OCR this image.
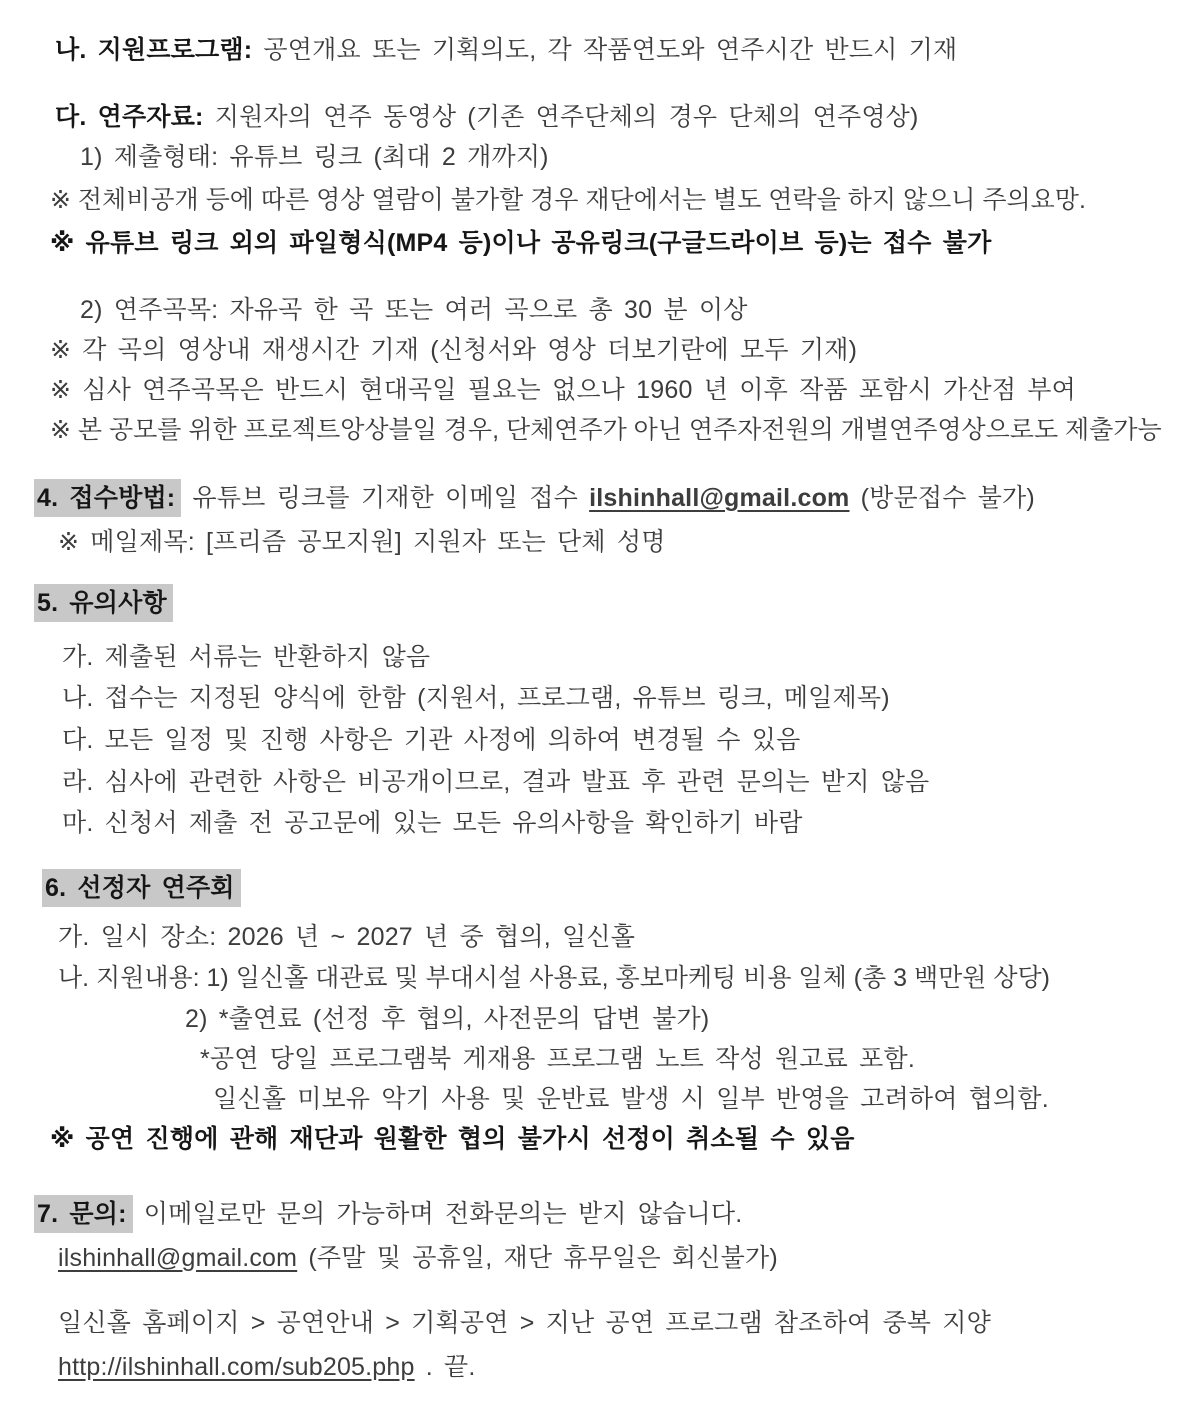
나. 지원프로그램: 공연개요 또는 기획의도, 각 작품연도와 연주시간 반드시 기재
다. 연주자료: 지원자의 연주 동영상 (기존 연주단체의 경우 단체의 연주영상)
1) 제출형태: 유튜브 링크 (최대 2 개까지)
※ 전체비공개 등에 따른 영상 열람이 불가할 경우 재단에서는 별도 연락을 하지 않으니 주의요망.
※ 유튜브 링크 외의 파일형식(MP4 등)이나 공유링크(구글드라이브 등)는 접수 불가
2) 연주곡목: 자유곡 한 곡 또는 여러 곡으로 총 30 분 이상
※ 각 곡의 영상내 재생시간 기재 (신청서와 영상 더보기란에 모두 기재)
※ 심사 연주곡목은 반드시 현대곡일 필요는 없으나 1960 년 이후 작품 포함시 가산점 부여
※ 본 공모를 위한 프로젝트앙상블일 경우, 단체연주가 아닌 연주자전원의 개별연주영상으로도 제출가능
4. 접수방법: 유튜브 링크를 기재한 이메일 접수 ilshinhall@gmail.com (방문접수 불가)
※ 메일제목: [프리즘 공모지원] 지원자 또는 단체 성명
5. 유의사항
가. 제출된 서류는 반환하지 않음
나. 접수는 지정된 양식에 한함 (지원서, 프로그램, 유튜브 링크, 메일제목)
다. 모든 일정 및 진행 사항은 기관 사정에 의하여 변경될 수 있음
라. 심사에 관련한 사항은 비공개이므로, 결과 발표 후 관련 문의는 받지 않음
마. 신청서 제출 전 공고문에 있는 모든 유의사항을 확인하기 바람
6. 선정자 연주회
가. 일시 장소: 2026 년 ~ 2027 년 중 협의, 일신홀
나. 지원내용: 1) 일신홀 대관료 및 부대시설 사용료, 홍보마케팅 비용 일체 (총 3 백만원 상당)
2) *출연료 (선정 후 협의, 사전문의 답변 불가)
*공연 당일 프로그램북 게재용 프로그램 노트 작성 원고료 포함.
일신홀 미보유 악기 사용 및 운반료 발생 시 일부 반영을 고려하여 협의함.
※ 공연 진행에 관해 재단과 원활한 협의 불가시 선정이 취소될 수 있음
7. 문의: 이메일로만 문의 가능하며 전화문의는 받지 않습니다.
ilshinhall@gmail.com (주말 및 공휴일, 재단 휴무일은 회신불가)
일신홀 홈페이지 > 공연안내 > 기획공연 > 지난 공연 프로그램 참조하여 중복 지양
http://ilshinhall.com/sub205.php . 끝.
